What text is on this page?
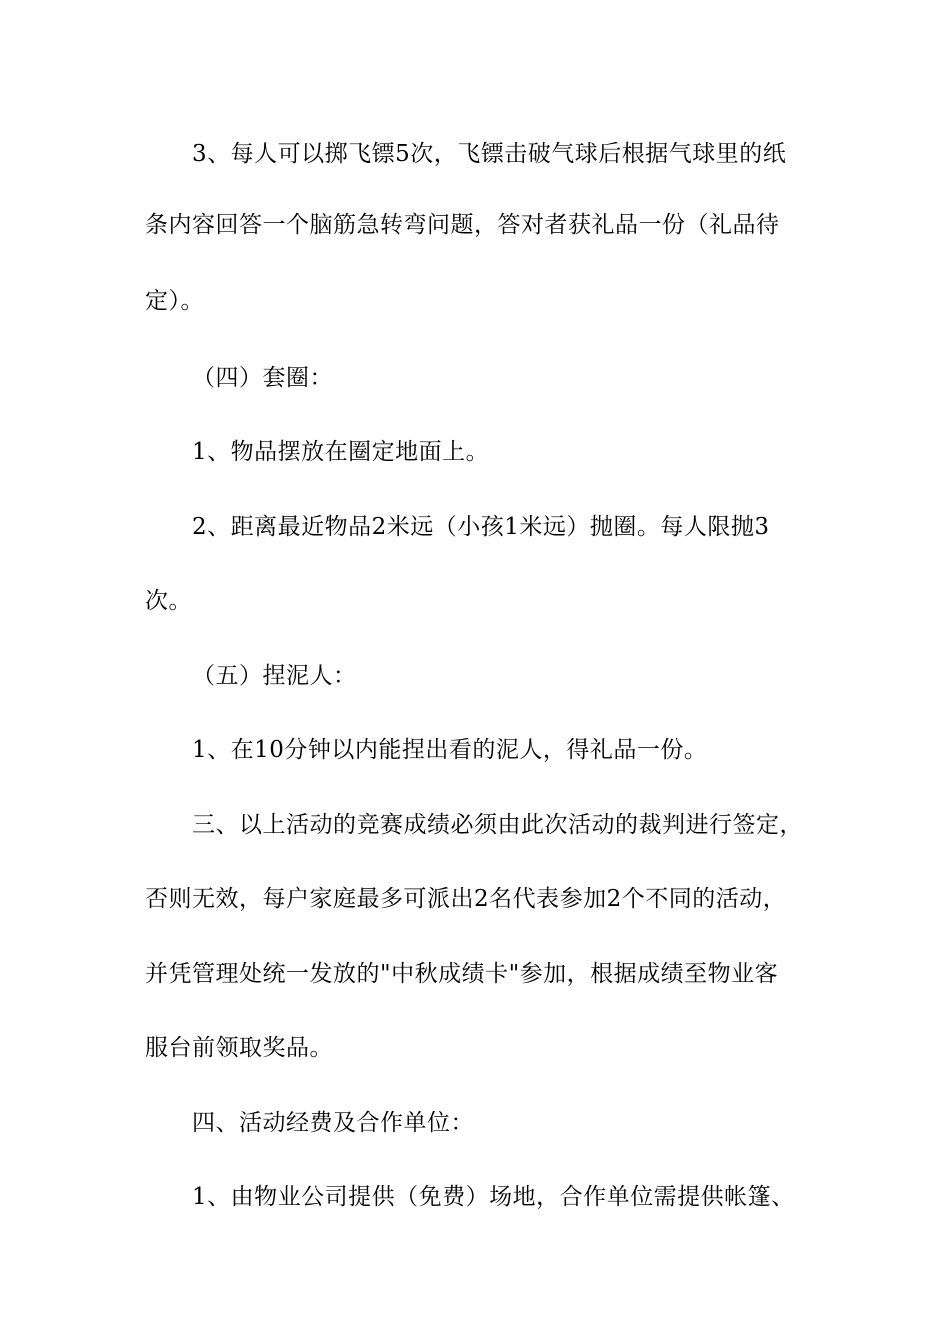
3、每人可以掷飞镖5次，飞镖击破气球后根据气球里的纸
条内容回答一个脑筋急转弯问题，答对者获礼品一份（礼品待
定）。
（四）套圈：
1、物品摆放在圈定地面上。
2、距离最近物品2米远（小孩1米远）抛圈。每人限抛3
次。
（五）捏泥人：
1、在10分钟以内能捏出看的泥人，得礼品一份。
三、以上活动的竞赛成绩必须由此次活动的裁判进行签定，
否则无效，每户家庭最多可派出2名代表参加2个不同的活动，
并凭管理处统一发放的"中秋成绩卡"参加，根据成绩至物业客
服台前领取奖品。
四、活动经费及合作单位：
1、由物业公司提供（免费）场地，合作单位需提供帐篷、
